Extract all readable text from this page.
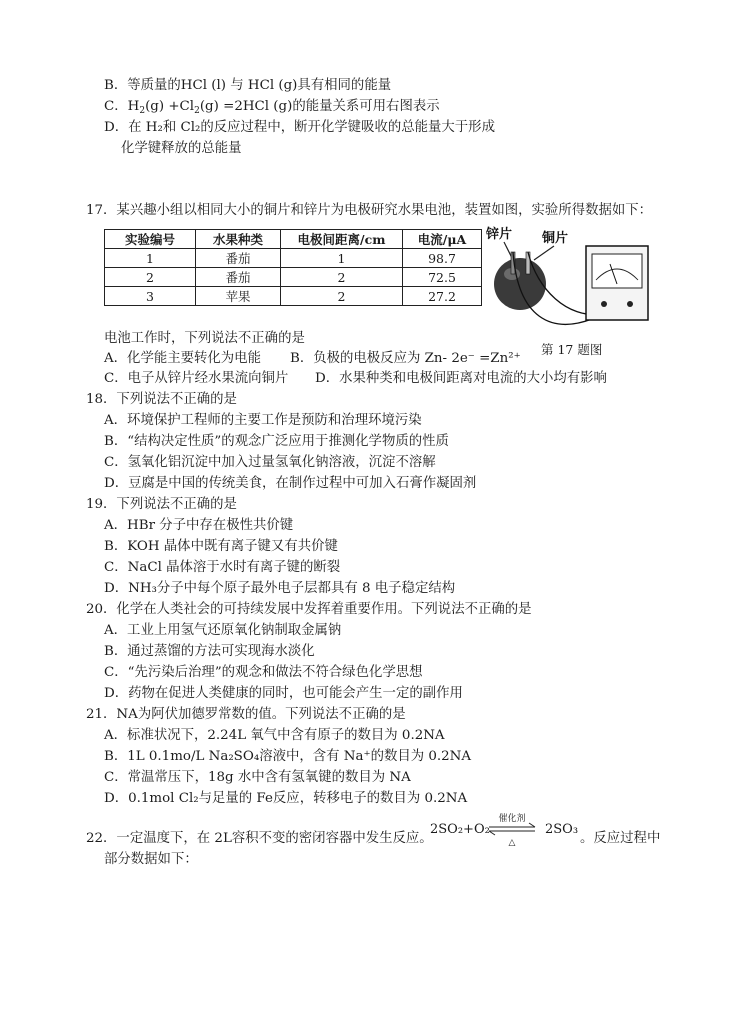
B．等质量的HCl (l) 与 HCl (g)具有相同的能量
C．$H_2(g) +Cl_2(g) =2HCl$ (g)的能量关系可用右图表示
D．在 H₂和 Cl₂的反应过程中，断开化学键吸收的总能量大于形成
化学键释放的总能量
17．某兴趣小组以相同大小的铜片和锌片为电极研究水果电池，装置如图，实验所得数据如下：
实验编号	水果种类	电极间距离/cm	电流/μA
1	番茄	1	98.7
2	番茄	2	72.5
3	苹果	2	27.2
锌片 铜片
第 17 题图
电池工作时，下列说法不正确的是
A．化学能主要转化为电能 B．负极的电极反应为 Zn- 2e⁻ =Zn²⁺
C．电子从锌片经水果流向铜片 D．水果种类和电极间距离对电流的大小均有影响
18．下列说法不正确的是
A．环境保护工程师的主要工作是预防和治理环境污染
B．“结构决定性质”的观念广泛应用于推测化学物质的性质
C．氢氧化铝沉淀中加入过量氢氧化钠溶液，沉淀不溶解
D．豆腐是中国的传统美食，在制作过程中可加入石膏作凝固剂
19．下列说法不正确的是
A．HBr 分子中存在极性共价键
B．KOH 晶体中既有离子键又有共价键
C．NaCl 晶体溶于水时有离子键的断裂
D．NH₃分子中每个原子最外电子层都具有 8 电子稳定结构
20．化学在人类社会的可持续发展中发挥着重要作用。下列说法不正确的是
A．工业上用氢气还原氧化钠制取金属钠
B．通过蒸馏的方法可实现海水淡化
C．“先污染后治理”的观念和做法不符合绿色化学思想
D．药物在促进人类健康的同时，也可能会产生一定的副作用
21．NA为阿伏加德罗常数的值。下列说法不正确的是
A．标准状况下，2.24L 氧气中含有原子的数目为 0.2NA
B．1L 0.1mo/L Na₂SO₄溶液中，含有 Na⁺的数目为 0.2NA
C．常温常压下，18g 水中含有氢氧键的数目为 NA
D．0.1mol Cl₂与足量的 Fe反应，转移电子的数目为 0.2NA
22．一定温度下，在 2L容积不变的密闭容器中发生反应。
2SO₂+O₂
催化剂
△
2SO₃
。反应过程中
部分数据如下：
